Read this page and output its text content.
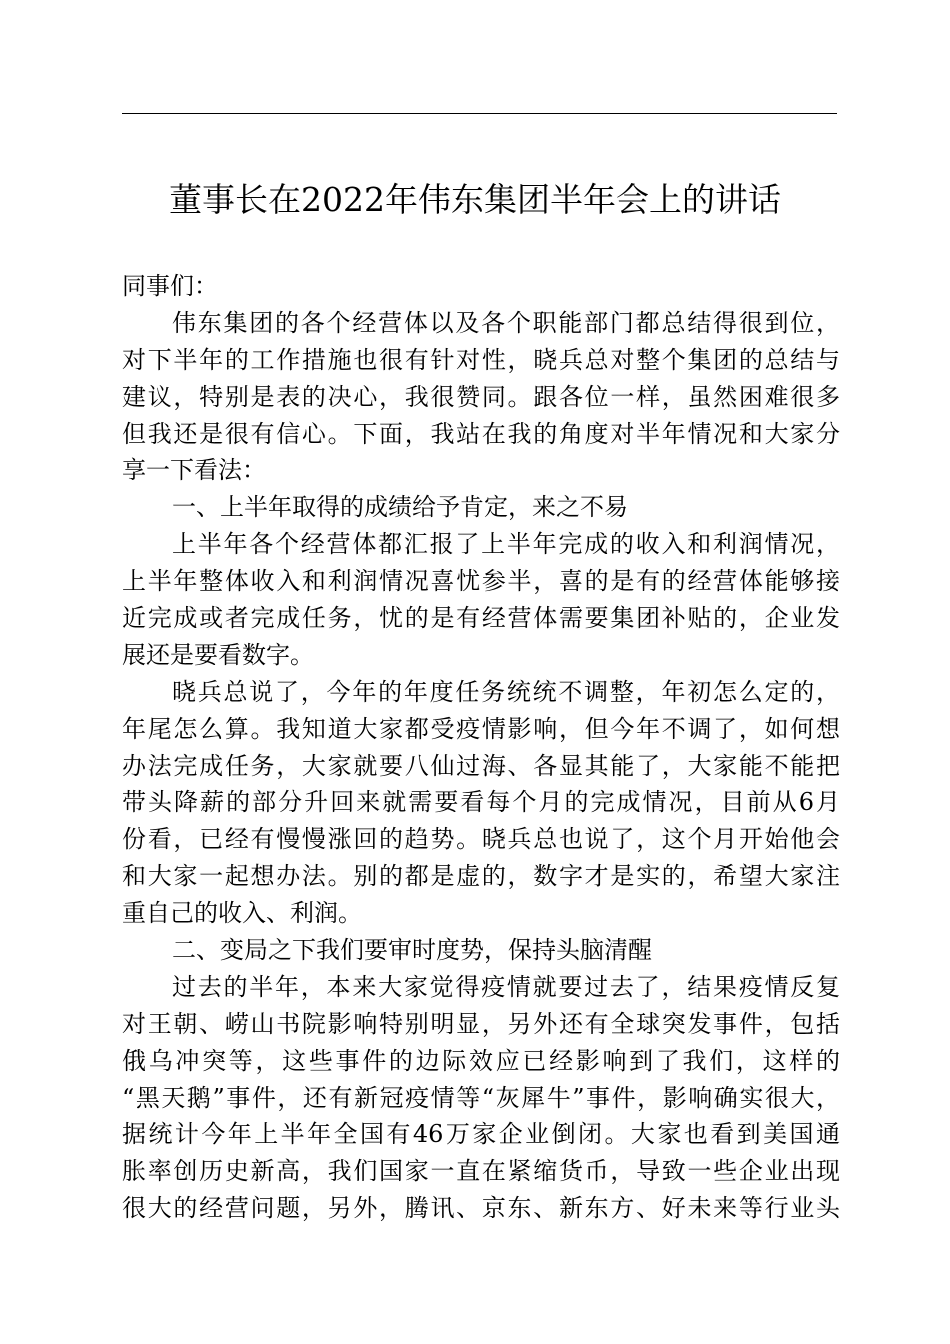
董事长在2022年伟东集团半年会上的讲话
同事们：
伟东集团的各个经营体以及各个职能部门都总结得很到位，
对下半年的工作措施也很有针对性，晓兵总对整个集团的总结与
建议，特别是表的决心，我很赞同。跟各位一样，虽然困难很多
但我还是很有信心。下面，我站在我的角度对半年情况和大家分
享一下看法：
一、上半年取得的成绩给予肯定，来之不易
上半年各个经营体都汇报了上半年完成的收入和利润情况，
上半年整体收入和利润情况喜忧参半，喜的是有的经营体能够接
近完成或者完成任务，忧的是有经营体需要集团补贴的，企业发
展还是要看数字。
晓兵总说了，今年的年度任务统统不调整，年初怎么定的，
年尾怎么算。我知道大家都受疫情影响，但今年不调了，如何想
办法完成任务，大家就要八仙过海、各显其能了，大家能不能把
带头降薪的部分升回来就需要看每个月的完成情况，目前从6月
份看，已经有慢慢涨回的趋势。晓兵总也说了，这个月开始他会
和大家一起想办法。别的都是虚的，数字才是实的，希望大家注
重自己的收入、利润。
二、变局之下我们要审时度势，保持头脑清醒
过去的半年，本来大家觉得疫情就要过去了，结果疫情反复
对王朝、崂山书院影响特别明显，另外还有全球突发事件，包括
俄乌冲突等，这些事件的边际效应已经影响到了我们，这样的
“黑天鹅”事件，还有新冠疫情等“灰犀牛”事件，影响确实很大，
据统计今年上半年全国有46万家企业倒闭。大家也看到美国通
胀率创历史新高，我们国家一直在紧缩货币，导致一些企业出现
很大的经营问题，另外，腾讯、京东、新东方、好未来等行业头
